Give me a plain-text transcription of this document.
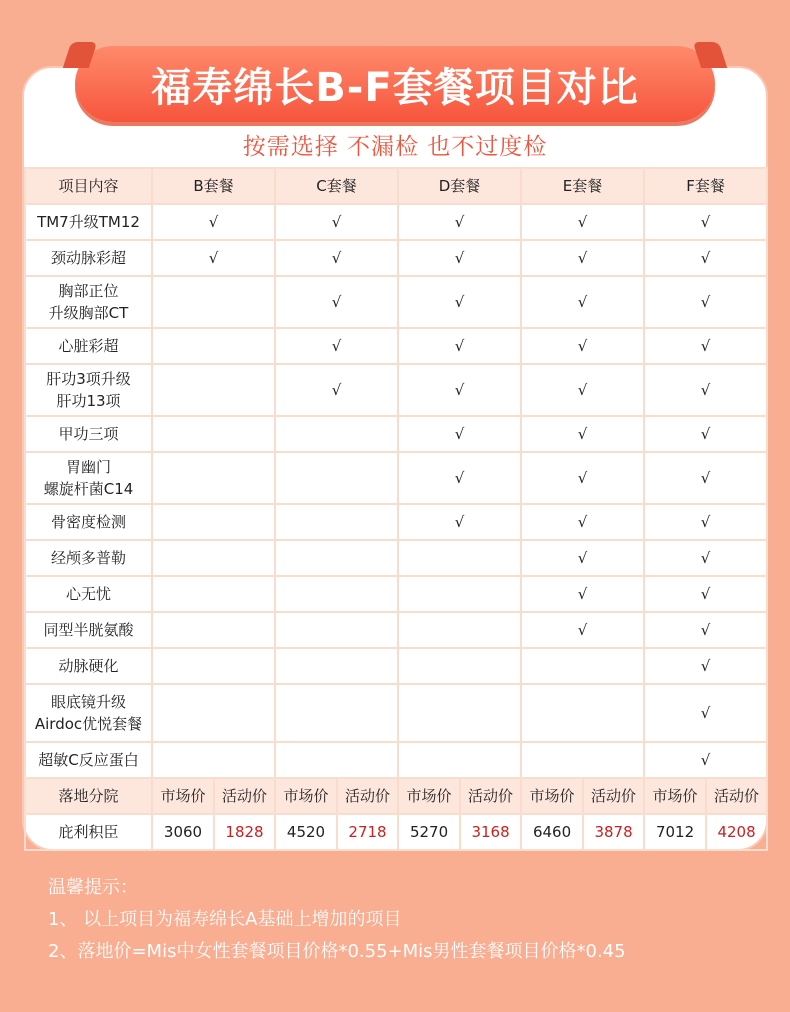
福寿绵长B-F套餐项目对比
按需选择 不漏检 也不过度检
项目内容	B套餐		C套餐		D套餐		E套餐		F套餐	

TM7升级TM12	√		√		√		√		√	

颈动脉彩超	√		√		√		√		√	

胸部正位
升级胸部CT			√		√		√		√	

心脏彩超			√		√		√		√	

肝功3项升级
肝功13项			√		√		√		√	

甲功三项					√		√		√	

胃幽门
螺旋杆菌C14					√		√		√	

骨密度检测					√		√		√	

经颅多普勒							√		√	

心无忧							√		√	

同型半胱氨酸							√		√	

动脉硬化									√	

眼底镜升级
Airdoc优悦套餐									√	

超敏C反应蛋白									√	
落地分院	市场价	活动价	市场价	活动价	市场价	活动价	市场价	活动价	市场价	活动价
庇利积臣	3060	1828	4520	2718	5270	3168	6460	3878	7012	4208
温馨提示：
1、 以上项目为福寿绵长A基础上增加的项目
2、落地价=Mis中女性套餐项目价格*0.55+Mis男性套餐项目价格*0.45
